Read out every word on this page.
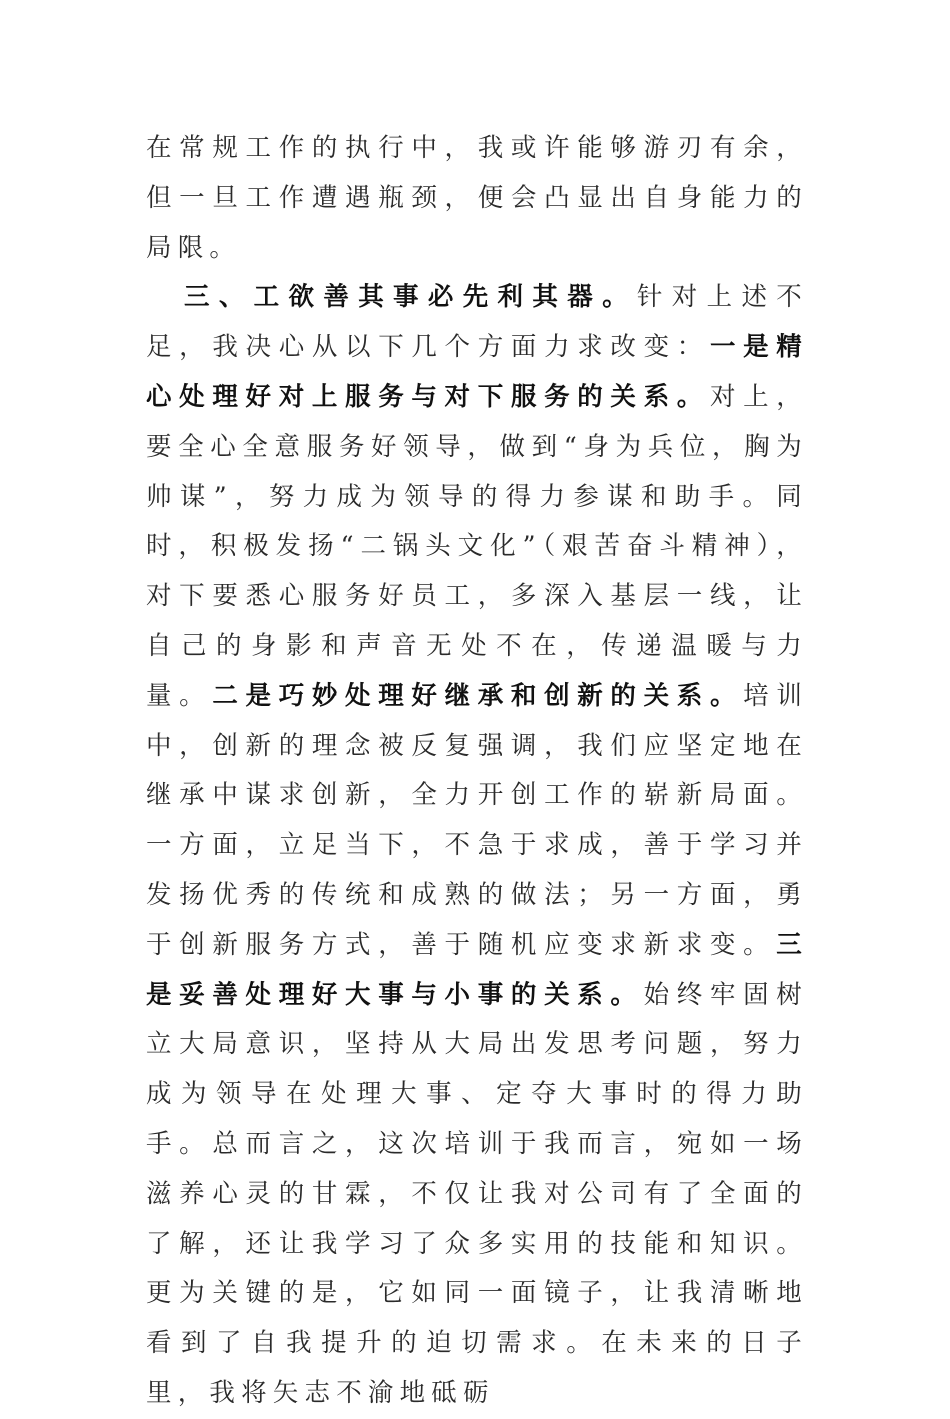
在常规工作的执行中，我或许能够游刃有余，但一旦工作遭遇瓶颈，便会凸显出自身能力的局限。

三、工欲善其事必先利其器。针对上述不足，我决心从以下几个方面力求改变：一是精心处理好对上服务与对下服务的关系。对上，要全心全意服务好领导，做到“身为兵位，胸为帅谋”，努力成为领导的得力参谋和助手。同时，积极发扬“二锅头文化”（艰苦奋斗精神），对下要悉心服务好员工，多深入基层一线，让自己的身影和声音无处不在，传递温暖与力量。二是巧妙处理好继承和创新的关系。培训中，创新的理念被反复强调，我们应坚定地在继承中谋求创新，全力开创工作的崭新局面。一方面，立足当下，不急于求成，善于学习并发扬优秀的传统和成熟的做法；另一方面，勇于创新服务方式，善于随机应变求新求变。三是妥善处理好大事与小事的关系。始终牢固树立大局意识，坚持从大局出发思考问题，努力成为领导在处理大事、定夺大事时的得力助手。总而言之，这次培训于我而言，宛如一场滋养心灵的甘霖，不仅让我对公司有了全面的了解，还让我学习了众多实用的技能和知识。更为关键的是，它如同一面镜子，让我清晰地看到了自我提升的迫切需求。在未来的日子里，我将矢志不渝地砥砺
